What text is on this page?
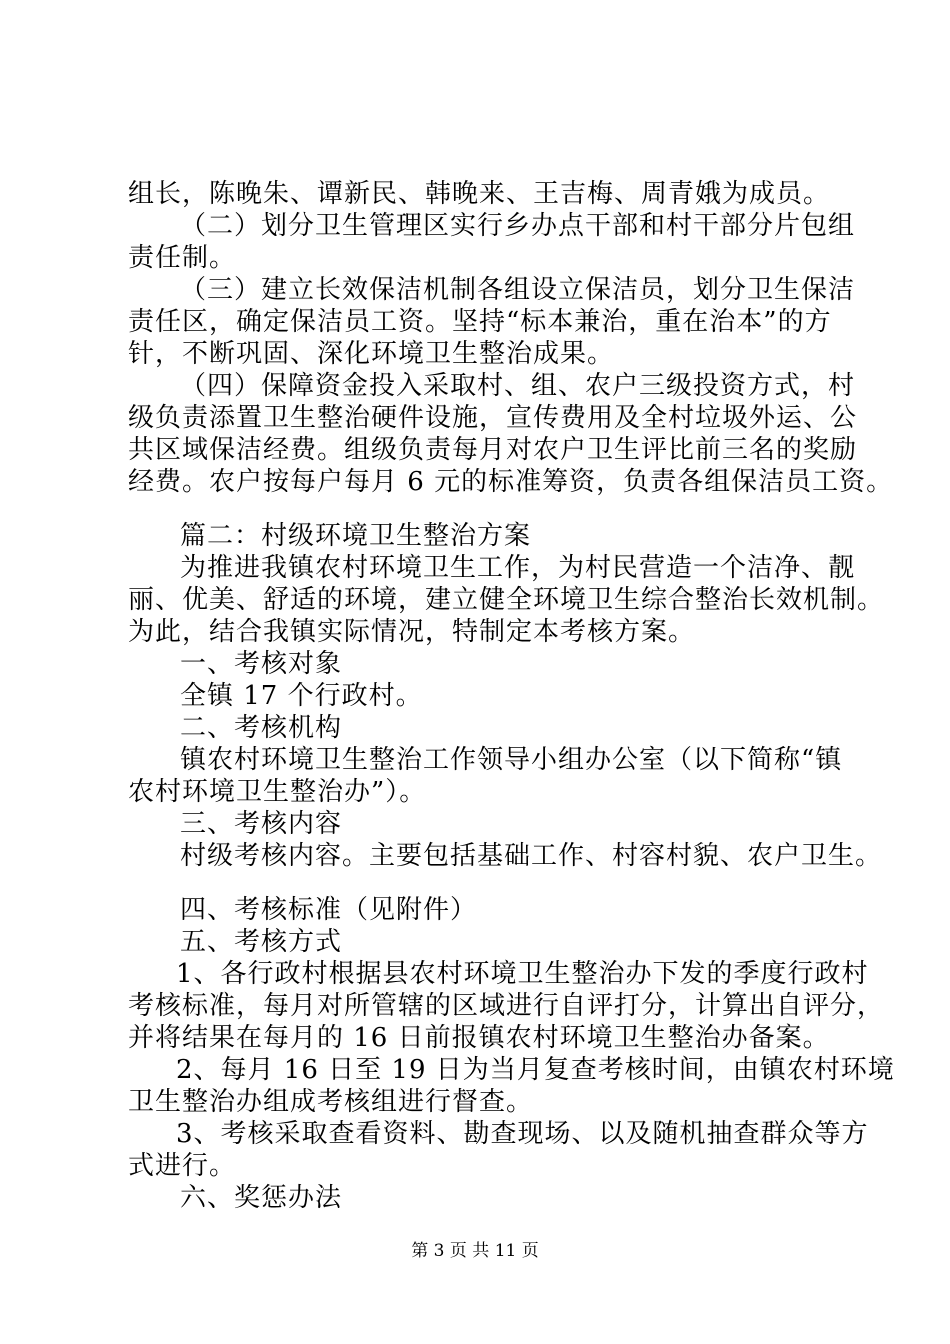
组长，陈晚朱、谭新民、韩晚来、王吉梅、周青娥为成员。
（二）划分卫生管理区实行乡办点干部和村干部分片包组
责任制。
（三）建立长效保洁机制各组设立保洁员，划分卫生保洁
责任区，确定保洁员工资。坚持“标本兼治，重在治本”的方
针，不断巩固、深化环境卫生整治成果。
（四）保障资金投入采取村、组、农户三级投资方式，村
级负责添置卫生整治硬件设施，宣传费用及全村垃圾外运、公
共区域保洁经费。组级负责每月对农户卫生评比前三名的奖励
经费。农户按每户每月 6 元的标准筹资，负责各组保洁员工资。
篇二：村级环境卫生整治方案
为推进我镇农村环境卫生工作，为村民营造一个洁净、靓
丽、优美、舒适的环境，建立健全环境卫生综合整治长效机制。
为此，结合我镇实际情况，特制定本考核方案。
一、考核对象
全镇 17 个行政村。
二、考核机构
镇农村环境卫生整治工作领导小组办公室（以下简称“镇
农村环境卫生整治办”）。
三、考核内容
村级考核内容。主要包括基础工作、村容村貌、农户卫生。
四、考核标准（见附件）
五、考核方式
1、各行政村根据县农村环境卫生整治办下发的季度行政村
考核标准，每月对所管辖的区域进行自评打分，计算出自评分，
并将结果在每月的 16 日前报镇农村环境卫生整治办备案。
2、每月 16 日至 19 日为当月复查考核时间，由镇农村环境
卫生整治办组成考核组进行督查。
3、考核采取查看资料、勘查现场、以及随机抽查群众等方
式进行。
六、奖惩办法
第 3 页 共 11 页
